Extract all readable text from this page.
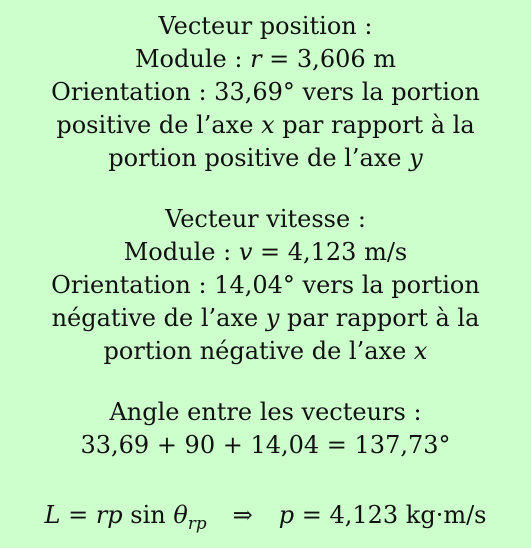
Vecteur position :
Module : r = 3,606 m
Orientation : 33,69° vers la portion
positive de l’axe x par rapport à la
portion positive de l’axe y
Vecteur vitesse :
Module : v = 4,123 m/s
Orientation : 14,04° vers la portion
négative de l’axe y par rapport à la
portion négative de l’axe x
Angle entre les vecteurs :
33,69 + 90 + 14,04 = 137,73°
L = rp $\sin \theta_{rp}$ ⇒ p = 4,123 kg·m/s
